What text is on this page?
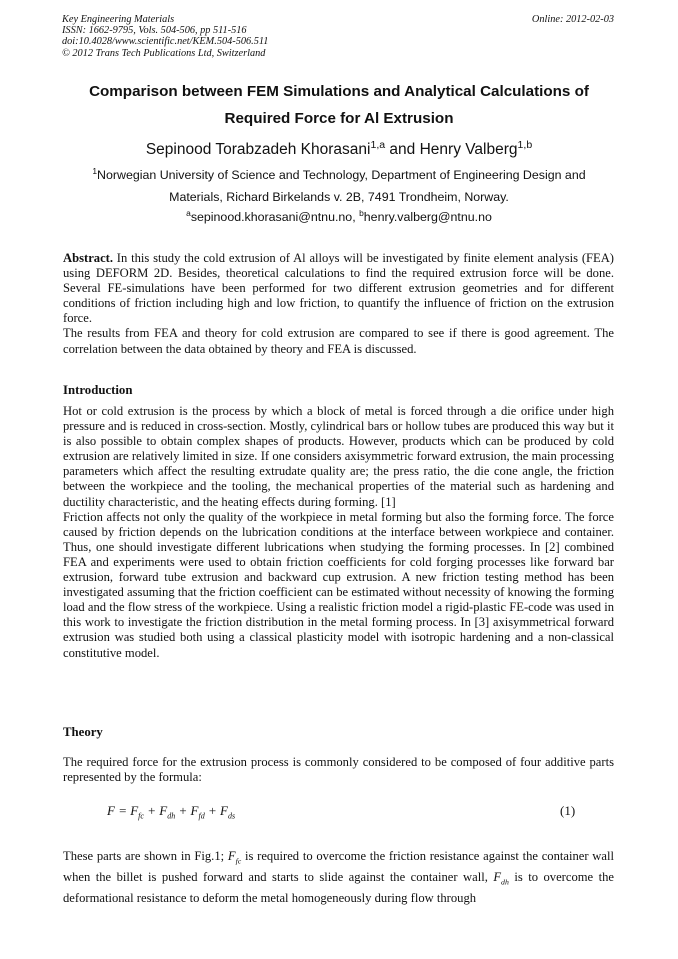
Key Engineering Materials
ISSN: 1662-9795, Vols. 504-506, pp 511-516
doi:10.4028/www.scientific.net/KEM.504-506.511
© 2012 Trans Tech Publications Ltd, Switzerland
Online: 2012-02-03
Comparison between FEM Simulations and Analytical Calculations of
Required Force for Al Extrusion
Sepinood Torabzadeh Khorasani$^{1,a}$ and Henry Valberg$^{1,b}$
$^1$Norwegian University of Science and Technology, Department of Engineering Design and
Materials, Richard Birkelands v. 2B, 7491 Trondheim, Norway.
$^a$sepinood.khorasani@ntnu.no, $^b$henry.valberg@ntnu.no

Abstract. In this study the cold extrusion of Al alloys will be investigated by finite element analysis (FEA) using DEFORM 2D. Besides, theoretical calculations to find the required extrusion force will be done. Several FE-simulations have been performed for two different extrusion geometries and for different conditions of friction including high and low friction, to quantify the influence of friction on the extrusion force.

The results from FEA and theory for cold extrusion are compared to see if there is good agreement. The correlation between the data obtained by theory and FEA is discussed.

Introduction

Hot or cold extrusion is the process by which a block of metal is forced through a die orifice under high pressure and is reduced in cross-section. Mostly, cylindrical bars or hollow tubes are produced this way but it is also possible to obtain complex shapes of products. However, products which can be produced by cold extrusion are relatively limited in size. If one considers axisymmetric forward extrusion, the main processing parameters which affect the resulting extrudate quality are; the press ratio, the die cone angle, the friction between the workpiece and the tooling, the mechanical properties of the material such as hardening and ductility characteristic, and the heating effects during forming. [1]

Friction affects not only the quality of the workpiece in metal forming but also the forming force. The force caused by friction depends on the lubrication conditions at the interface between workpiece and container. Thus, one should investigate different lubrications when studying the forming processes. In [2] combined FEA and experiments were used to obtain friction coefficients for cold forging processes like forward bar extrusion, forward tube extrusion and backward cup extrusion. A new friction testing method has been investigated assuming that the friction coefficient can be estimated without necessity of knowing the forming load and the flow stress of the workpiece. Using a realistic friction model a rigid-plastic FE-code was used in this work to investigate the friction distribution in the metal forming process. In [3] axisymmetrical forward extrusion was studied both using a classical plasticity model with isotropic hardening and a non-classical constitutive model.

Theory

The required force for the extrusion process is commonly considered to be composed of four additive parts represented by the formula:

$F = F_{fc} + F_{dh} + F_{fd} + F_{ds}$	(1)

These parts are shown in Fig.1; $F_{fc}$ is required to overcome the friction resistance against the container wall when the billet is pushed forward and starts to slide against the container wall, $F_{dh}$ is to overcome the deformational resistance to deform the metal homogeneously during flow through
